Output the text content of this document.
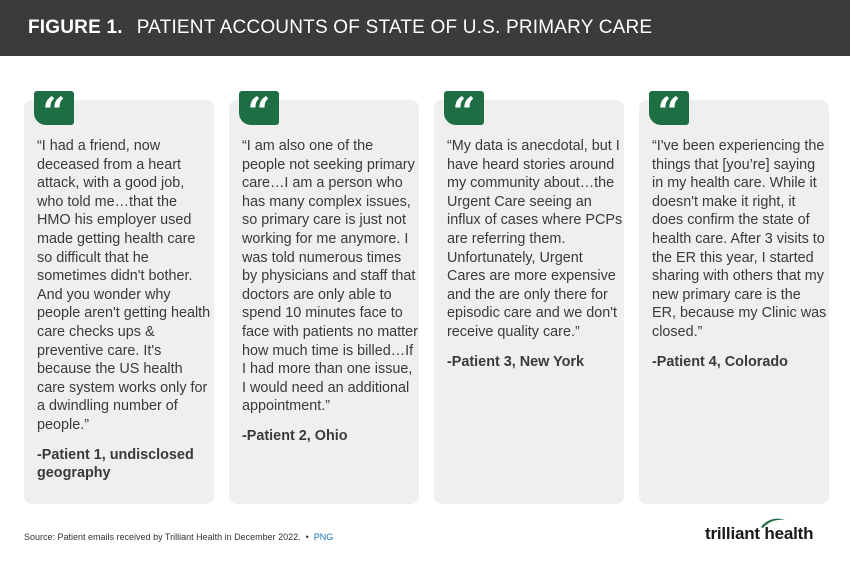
FIGURE 1. PATIENT ACCOUNTS OF STATE OF U.S. PRIMARY CARE
“
“I had a friend, now deceased from a heart attack, with a good job, who told me…that the HMO his employer used made getting health care so difficult that he sometimes didn't bother. And you wonder why people aren't getting health care checks ups & preventive care. It's because the US health care system works only for a dwindling number of people.”
-Patient 1, undisclosed geography
“
“I am also one of the people not seeking primary care…I am a person who has many complex issues, so primary care is just not working for me anymore. I was told numerous times by physicians and staff that doctors are only able to spend 10 minutes face to face with patients no matter how much time is billed…If I had more than one issue, I would need an additional appointment.”
-Patient 2, Ohio
“
“My data is anecdotal, but I have heard stories around my community about…the Urgent Care seeing an influx of cases where PCPs are referring them. Unfortunately, Urgent Cares are more expensive and the are only there for episodic care and we don't receive quality care.”
-Patient 3, New York
“
“I've been experiencing the things that [you’re] saying in my health care. While it doesn't make it right, it does confirm the state of health care. After 3 visits to the ER this year, I started sharing with others that my new primary care is the ER, because my Clinic was closed.”
-Patient 4, Colorado
Source: Patient emails received by Trilliant Health in December 2022. • PNG	trilliant health
